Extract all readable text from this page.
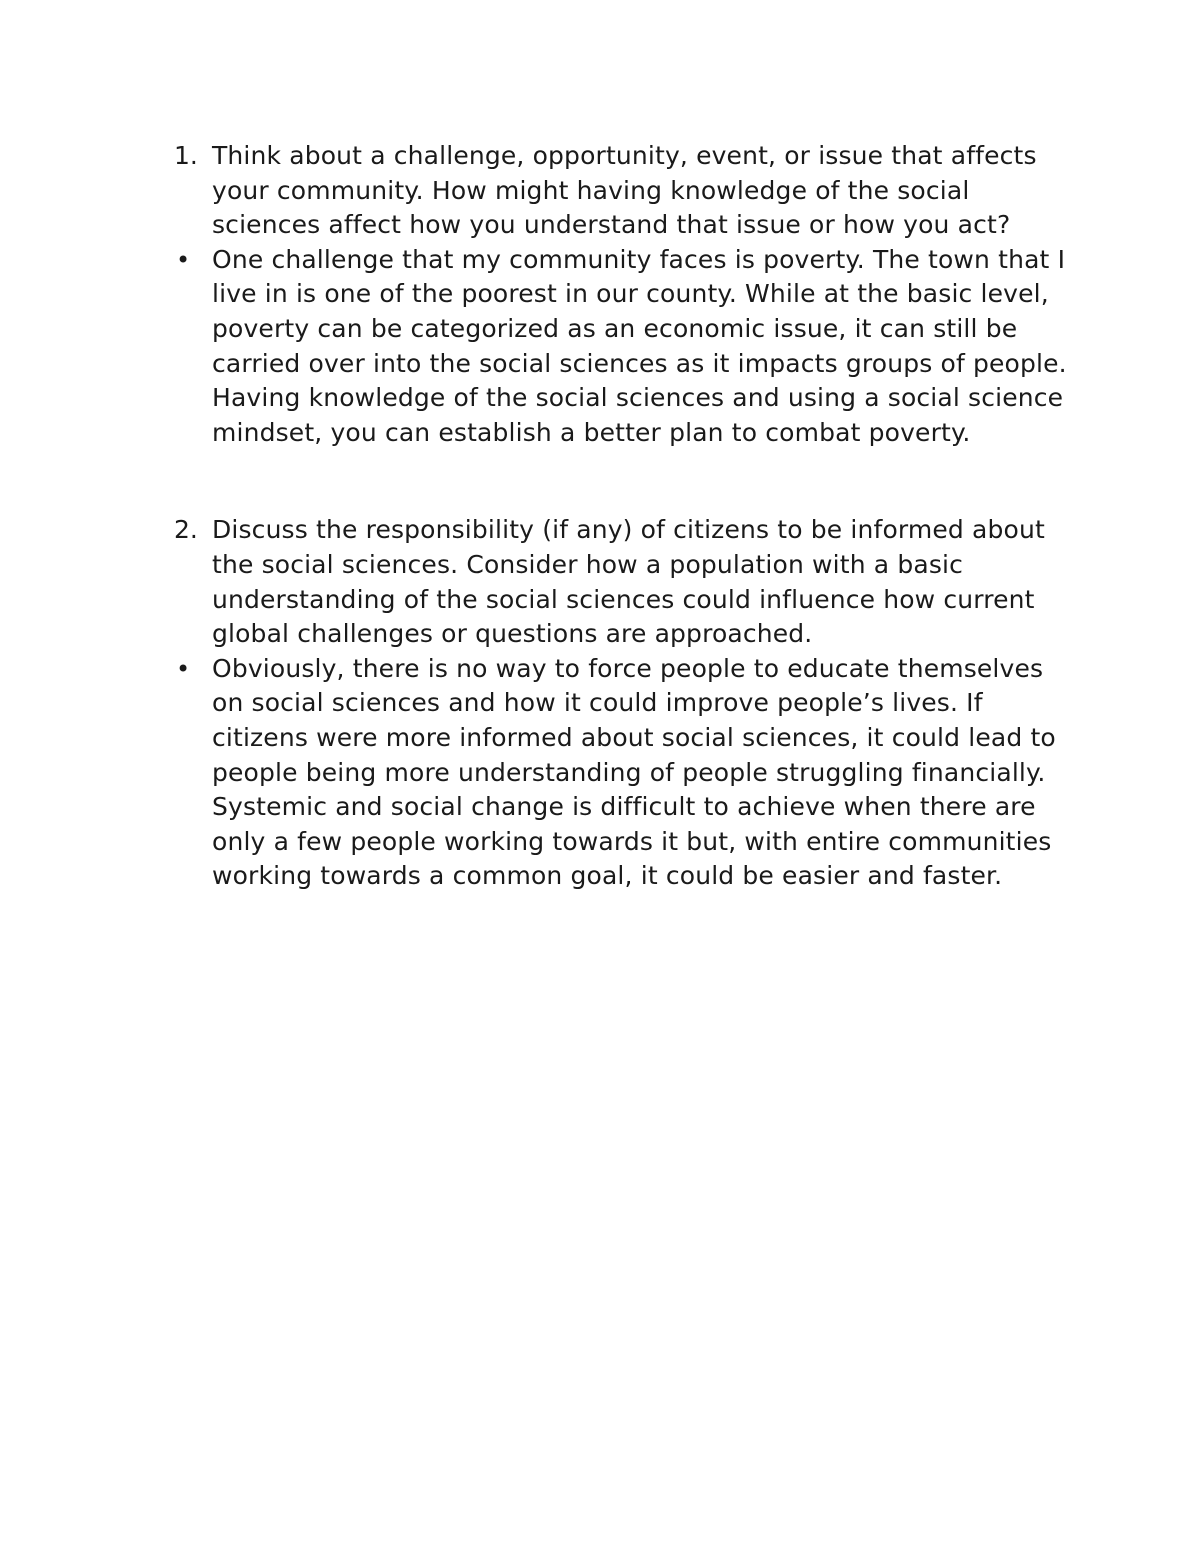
1. Think about a challenge, opportunity, event, or issue that affects your community. How might having knowledge of the social sciences affect how you understand that issue or how you act?
• One challenge that my community faces is poverty. The town that I live in is one of the poorest in our county. While at the basic level, poverty can be categorized as an economic issue, it can still be carried over into the social sciences as it impacts groups of people. Having knowledge of the social sciences and using a social science mindset, you can establish a better plan to combat poverty.
2. Discuss the responsibility (if any) of citizens to be informed about the social sciences. Consider how a population with a basic understanding of the social sciences could influence how current global challenges or questions are approached.
• Obviously, there is no way to force people to educate themselves on social sciences and how it could improve people’s lives. If citizens were more informed about social sciences, it could lead to people being more understanding of people struggling financially. Systemic and social change is difficult to achieve when there are only a few people working towards it but, with entire communities working towards a common goal, it could be easier and faster.
